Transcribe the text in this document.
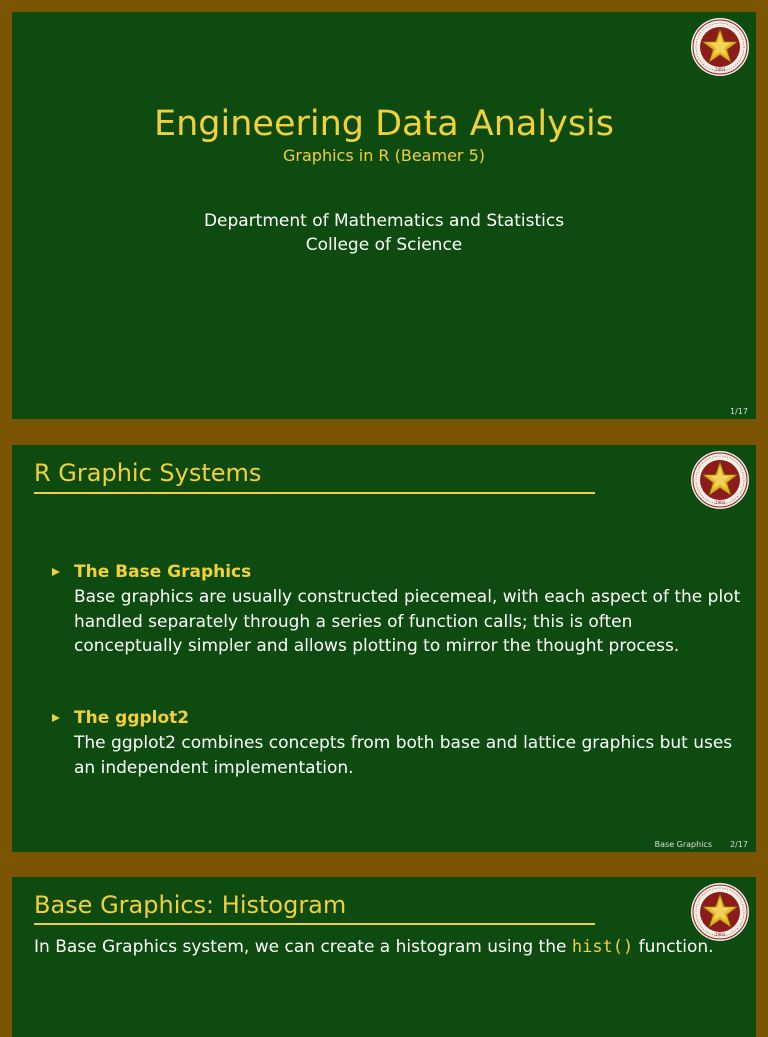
Engineering Data Analysis
Graphics in R (Beamer 5)
Department of Mathematics and Statistics
College of Science
1/17
R Graphic Systems
The Base Graphics
Base graphics are usually constructed piecemeal, with each aspect of the plot handled separately through a series of function calls; this is often conceptually simpler and allows plotting to mirror the thought process.
The ggplot2
The ggplot2 combines concepts from both base and lattice graphics but uses an independent implementation.
Base Graphics 2/17
Base Graphics: Histogram
In Base Graphics system, we can create a histogram using the hist() function.
